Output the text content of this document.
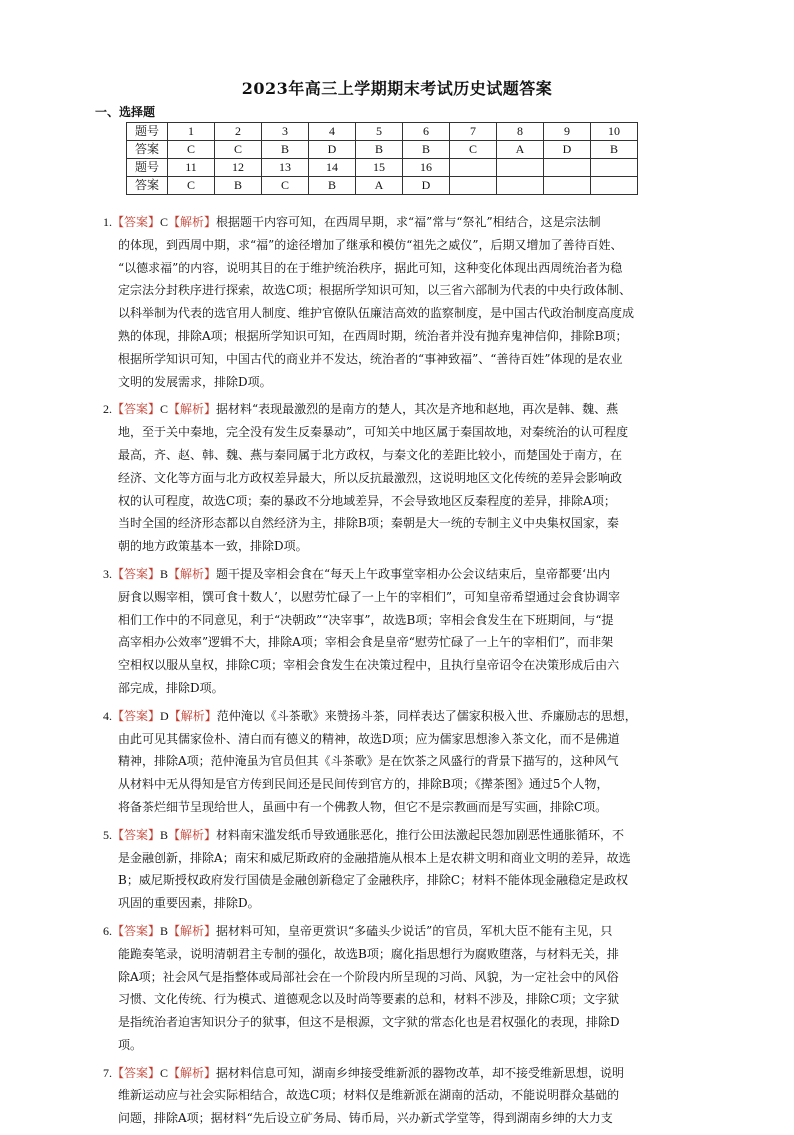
2023年高三上学期期末考试历史试题答案
一、选择题
题号	1	2	3	4	5	6	7	8	9	10
答案	C	C	B	D	B	B	C	A	D	B
题号	11	12	13	14	15	16				
答案	C	B	C	B	A	D				

1.【答案】C【解析】根据题干内容可知，在西周早期，求“福”常与“祭礼”相结合，这是宗法制

的体现，到西周中期，求“福”的途径增加了继承和模仿“祖先之威仪”，后期又增加了善待百姓、

“以德求福”的内容，说明其目的在于维护统治秩序，据此可知，这种变化体现出西周统治者为稳

定宗法分封秩序进行探索，故选C项；根据所学知识可知，以三省六部制为代表的中央行政体制、

以科举制为代表的选官用人制度、维护官僚队伍廉洁高效的监察制度，是中国古代政治制度高度成

熟的体现，排除A项；根据所学知识可知，在西周时期，统治者并没有抛弃鬼神信仰，排除B项；

根据所学知识可知，中国古代的商业并不发达，统治者的“事神致福”、“善待百姓”体现的是农业

文明的发展需求，排除D项。

2.【答案】C【解析】据材料“表现最激烈的是南方的楚人，其次是齐地和赵地，再次是韩、魏、燕

地，至于关中秦地，完全没有发生反秦暴动”，可知关中地区属于秦国故地，对秦统治的认可程度

最高，齐、赵、韩、魏、燕与秦同属于北方政权，与秦文化的差距比较小，而楚国处于南方，在

经济、文化等方面与北方政权差异最大，所以反抗最激烈，这说明地区文化传统的差异会影响政

权的认可程度，故选C项；秦的暴政不分地域差异，不会导致地区反秦程度的差异，排除A项；

当时全国的经济形态都以自然经济为主，排除B项；秦朝是大一统的专制主义中央集权国家，秦

朝的地方政策基本一致，排除D项。

3.【答案】B【解析】题干提及宰相会食在“每天上午政事堂宰相办公会议结束后，皇帝都要‘出内

厨食以赐宰相，馔可食十数人’，以慰劳忙碌了一上午的宰相们”，可知皇帝希望通过会食协调宰

相们工作中的不同意见，利于“决朝政”“决宰事”，故选B项；宰相会食发生在下班期间，与“提

高宰相办公效率”逻辑不大，排除A项；宰相会食是皇帝“慰劳忙碌了一上午的宰相们”，而非架

空相权以服从皇权，排除C项；宰相会食发生在决策过程中，且执行皇帝诏令在决策形成后由六

部完成，排除D项。

4.【答案】D【解析】范仲淹以《斗茶歌》来赞扬斗茶，同样表达了儒家积极入世、乔廉励志的思想，

由此可见其儒家俭朴、清白而有德义的精神，故选D项；应为儒家思想渗入茶文化，而不是佛道

精神，排除A项；范仲淹虽为官员但其《斗茶歌》是在饮茶之风盛行的背景下描写的，这种风气

从材料中无从得知是官方传到民间还是民间传到官方的，排除B项；《撵茶图》通过5个人物，

将备茶烂细节呈现给世人，虽画中有一个佛教人物，但它不是宗教画而是写实画，排除C项。

5.【答案】B【解析】材料南宋滥发纸币导致通胀恶化，推行公田法激起民怨加剧恶性通胀循环，不

是金融创新，排除A；南宋和威尼斯政府的金融措施从根本上是农耕文明和商业文明的差异，故选

B；威尼斯授权政府发行国债是金融创新稳定了金融秩序，排除C；材料不能体现金融稳定是政权

巩固的重要因素，排除D。

6.【答案】B【解析】据材料可知，皇帝更赏识“多磕头少说话”的官员，军机大臣不能有主见，只

能跪奏笔录，说明清朝君主专制的强化，故选B项；腐化指思想行为腐败堕落，与材料无关，排

除A项；社会风气是指整体或局部社会在一个阶段内所呈现的习尚、风貌，为一定社会中的风俗

习惯、文化传统、行为模式、道德观念以及时尚等要素的总和，材料不涉及，排除C项；文字狱

是指统治者迫害知识分子的狱事，但这不是根源，文字狱的常态化也是君权强化的表现，排除D

项。

7.【答案】C【解析】据材料信息可知，湖南乡绅接受维新派的器物改革，却不接受维新思想，说明

维新运动应与社会实际相结合，故选C项；材料仅是维新派在湖南的活动，不能说明群众基础的

问题，排除A项；据材料“先后设立矿务局、铸币局，兴办新式学堂等，得到湖南乡绅的大力支
